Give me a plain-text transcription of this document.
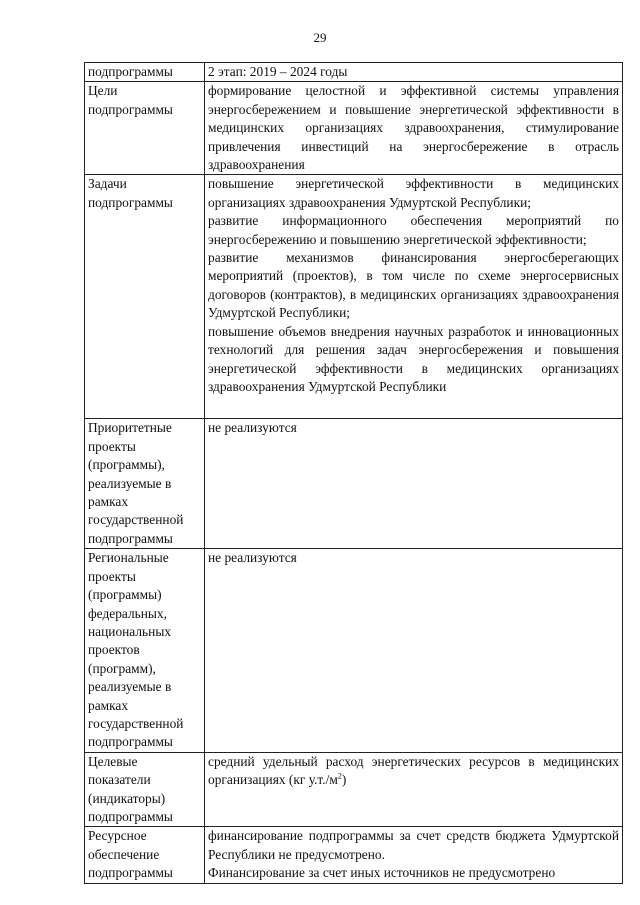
29
подпрограммы	2 этап: 2019 – 2024 годы

Цели подпрограммы	формирование целостной и эффективной системы управления энергосбережением и повышение энергетической эффективности в медицинских организациях здравоохранения, стимулирование привлечения инвестиций на энергосбережение в отрасль здравоохранения

Задачи подпрограммы	повышение энергетической эффективности в медицинских организациях здравоохранения Удмуртской Республики;
развитие информационного обеспечения мероприятий по энергосбережению и повышению энергетической эффективности;
развитие механизмов финансирования энергосберегающих мероприятий (проектов), в том числе по схеме энергосервисных договоров (контрактов), в медицинских организациях здравоохранения Удмуртской Республики;
повышение объемов внедрения научных разработок и инновационных технологий для решения задач энергосбережения и повышения энергетической эффективности в медицинских организациях здравоохранения Удмуртской Республики

Приоритетные проекты (программы), реализуемые в рамках государственной подпрограммы	не реализуются

Региональные проекты (программы) федеральных, национальных проектов (программ), реализуемые в рамках государственной подпрограммы	не реализуются

Целевые показатели (индикаторы) подпрограммы	средний удельный расход энергетических ресурсов в медицинских организациях (кг $у.т./м^2$)

Ресурсное обеспечение подпрограммы	финансирование подпрограммы за счет средств бюджета Удмуртской Республики не предусмотрено.
Финансирование за счет иных источников не предусмотрено
